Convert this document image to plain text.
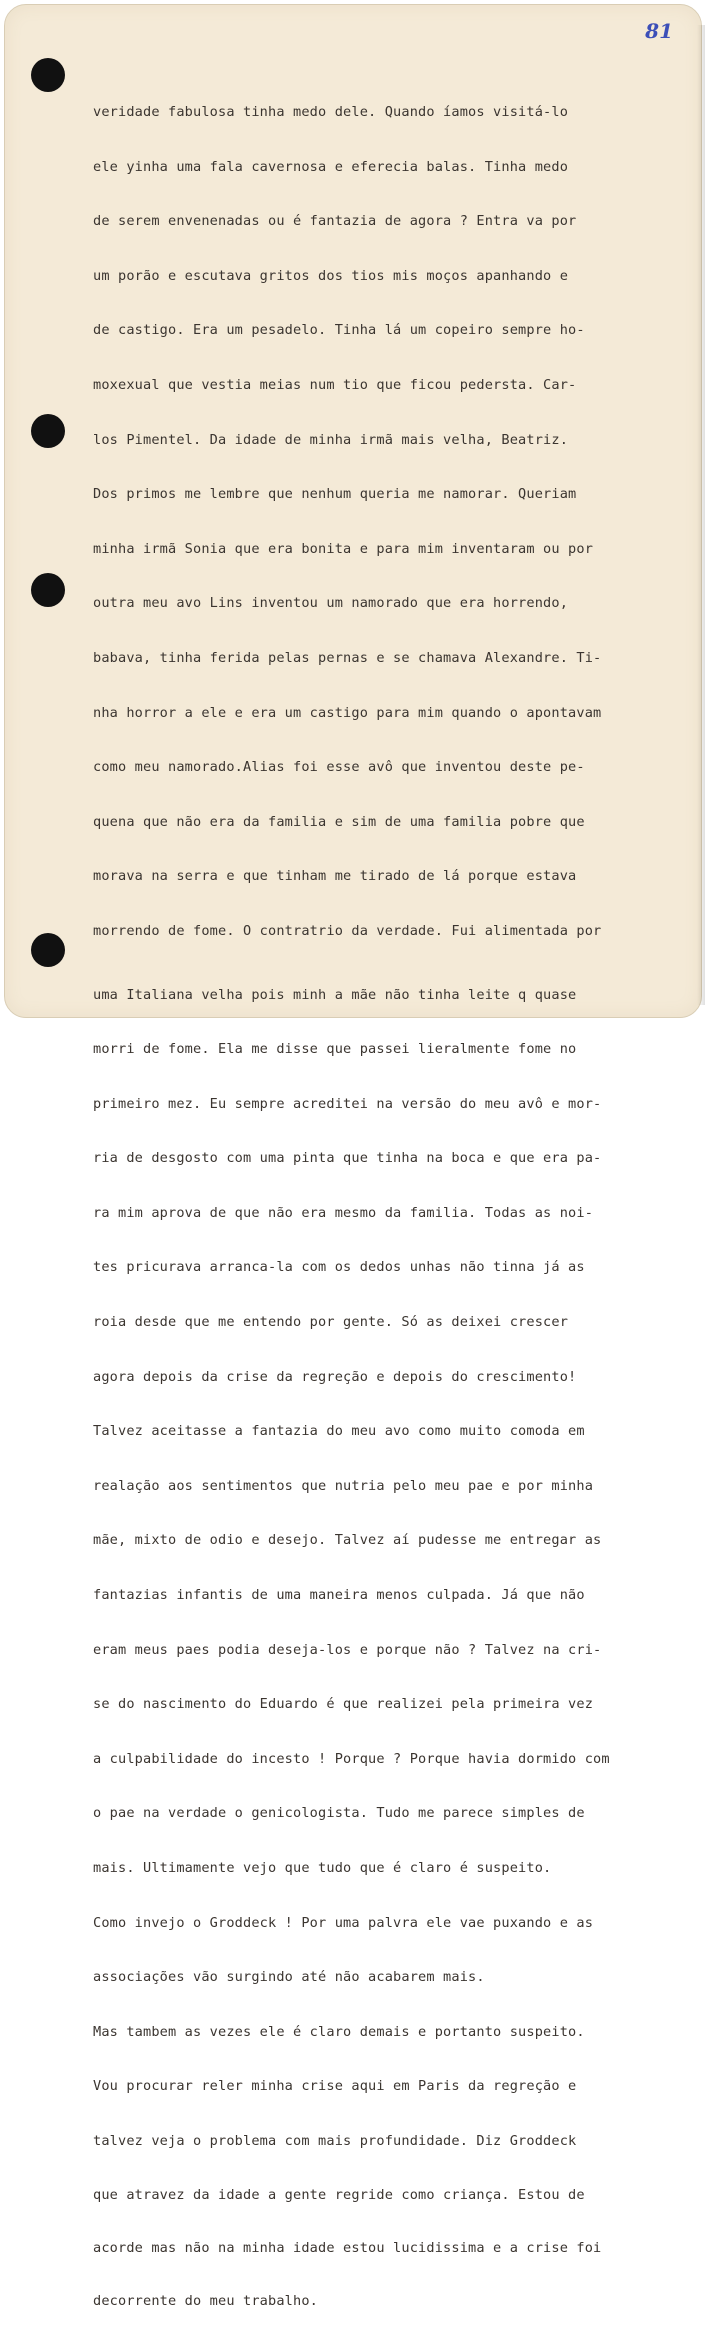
81

veridade fabulosa tinha medo dele. Quando íamos visitá-lo

ele yinha uma fala cavernosa e efereciа balas. Tinha medo

de serem envenenadas ou é fantazia de agora ? Entra va por

um porão e escutava gritos dos tios mis moços apanhando e

de castigo. Era um pesadelo. Tinha lá um copeiro sempre ho-

moxexual que vestia meias num tio que ficou pedersta. Car-

los Pimentel. Da idade de minha irmã mais velha, Beatriz.

Dos primos me lembre que nenhum queria me namorar. Queriam

minha irmã Sonia que era bonita e para mim inventaram ou por

outra meu avo Lins inventou um namorado que era horrendo,

babava, tinha ferida pelas pernas e se chamava Alexandre. Ti-

nha horror a ele e era um castigo para mim quando o apontavam

como meu namorado.Alias foi esse avô que inventou deste pe-

quena que não era da familia e sim de uma familia pobre que

morava na serra e que tinham me tirado de lá porque estava

morrendo de fome. O contratrio da verdade. Fui alimentada por

uma Italiana velha pois minh a mãe não tinha leite q quase

morri de fome. Ela me disse que passei lieralmente fome no

primeiro mez. Eu sempre acreditei na versão do meu avô e mor-

ria de desgosto com uma pinta que tinha na boca e que era pa-

ra mim aprova de que não era mesmo da familia. Todas as noi-

tes pricurava arranca-la com os dedos unhas não tinna já as

roia desde que me entendo por gente. Só as deixei crescer

agora depois da crise da regreção e depois do crescimento!

Talvez aceitasse a fantazia do meu avo como muito comoda em

realação aos sentimentos que nutria pelo meu pae e por minha

mãe, mixto de odio e desejo. Talvez aí pudesse me entregar as

fantazias infantis de uma maneira menos culpada. Já que não

eram meus paes podia deseja-los e porque não ? Talvez na cri-

se do nascimento do Eduardo é que realizei pela primeira vez

a culpabilidade do incesto ! Porque ? Porque havia dormido com

o pae na verdade o genicologista. Tudo me parece simples de

mais. Ultimamente vejo que tudo que é claro é suspeito.

Como invejo o Groddeck ! Por uma palvra ele vae puxando e as

associações vão surgindo até não acabarem mais.

Mas tambem as vezes ele é claro demais e portanto suspeito.

Vou procurar reler minha crise aqui em Paris da regreção e

talvez veja o problema com mais profundidade. Diz Groddeck

que atravez da idade a gente regride como criança. Estou de

acorde mas não na minha idade estou lucidissima e a crise foi

decorrente do meu trabalho.
